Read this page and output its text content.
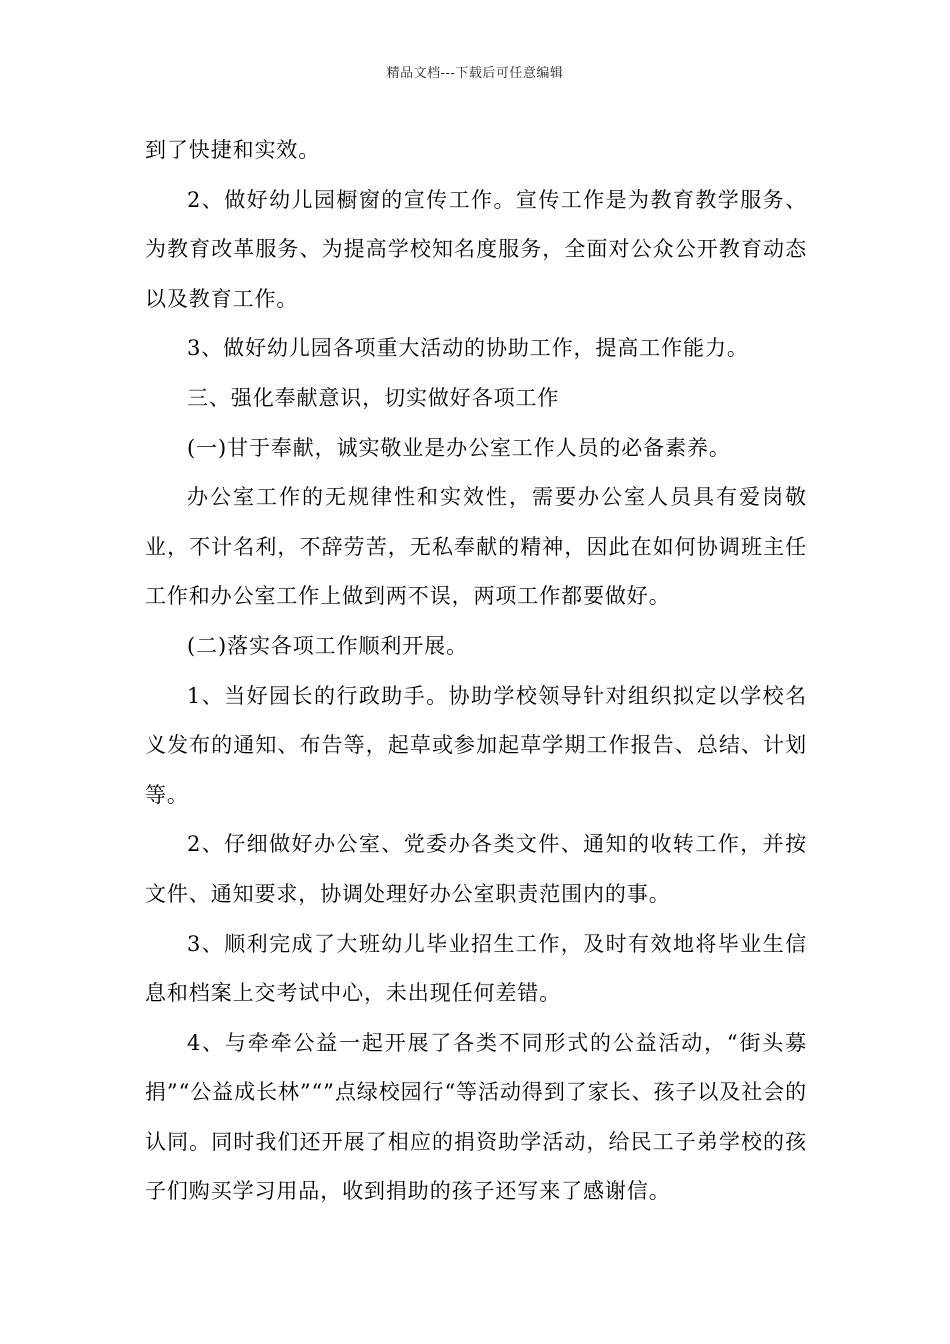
精品文档---下载后可任意编辑

到了快捷和实效。

2、做好幼儿园橱窗的宣传工作。宣传工作是为教育教学服务、为教育改革服务、为提高学校知名度服务，全面对公众公开教育动态以及教育工作。

3、做好幼儿园各项重大活动的协助工作，提高工作能力。

三、强化奉献意识，切实做好各项工作

(一)甘于奉献，诚实敬业是办公室工作人员的必备素养。

办公室工作的无规律性和实效性，需要办公室人员具有爱岗敬业，不计名利，不辞劳苦，无私奉献的精神，因此在如何协调班主任工作和办公室工作上做到两不误，两项工作都要做好。

(二)落实各项工作顺利开展。

1、当好园长的行政助手。协助学校领导针对组织拟定以学校名义发布的通知、布告等，起草或参加起草学期工作报告、总结、计划等。

2、仔细做好办公室、党委办各类文件、通知的收转工作，并按文件、通知要求，协调处理好办公室职责范围内的事。

3、顺利完成了大班幼儿毕业招生工作，及时有效地将毕业生信息和档案上交考试中心，未出现任何差错。

4、与牵牵公益一起开展了各类不同形式的公益活动，“街头募捐”“公益成长林”“”点绿校园行“等活动得到了家长、孩子以及社会的认同。同时我们还开展了相应的捐资助学活动，给民工子弟学校的孩子们购买学习用品，收到捐助的孩子还写来了感谢信。
